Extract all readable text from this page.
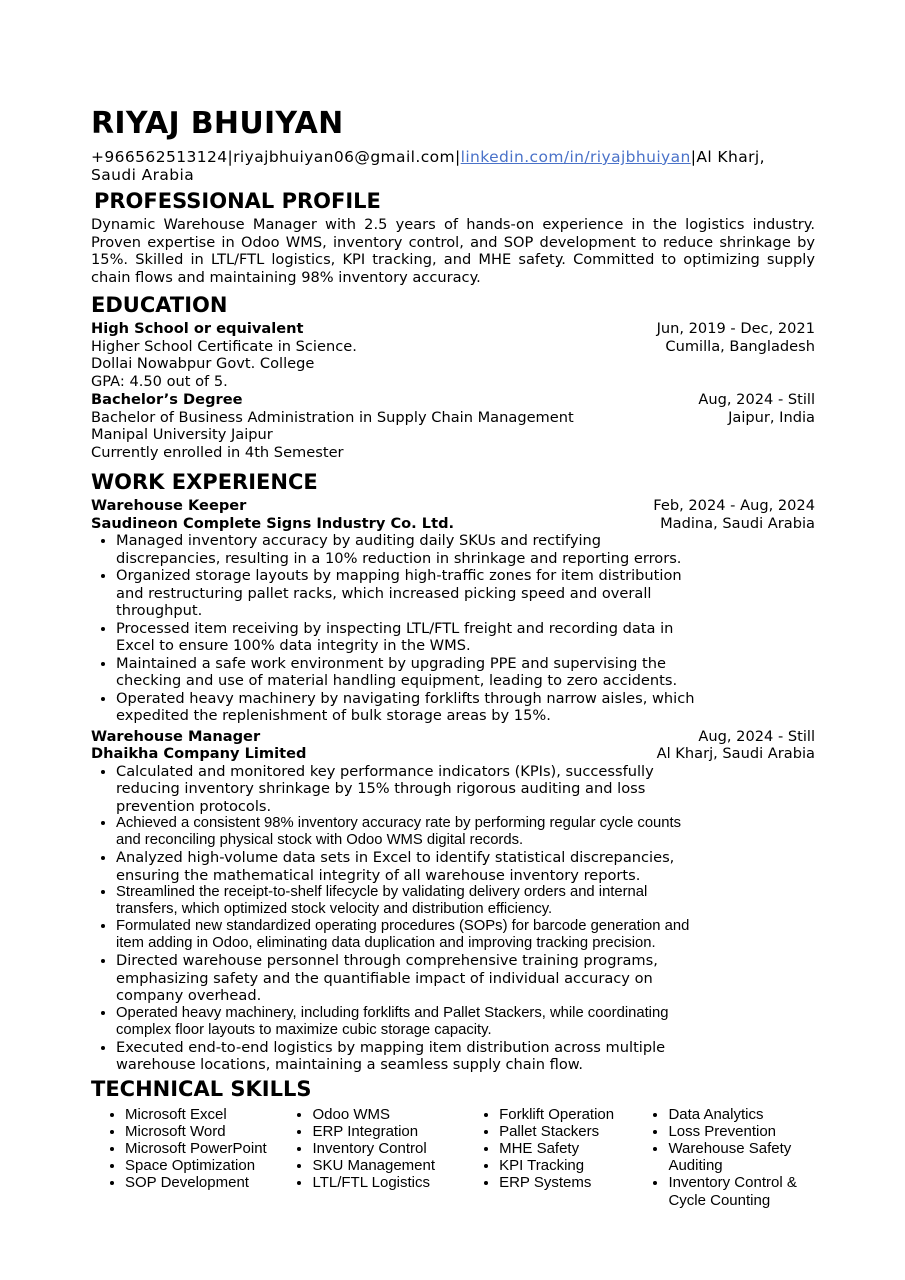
RIYAJ BHUIYAN
+966562513124|riyajbhuiyan06@gmail.com|linkedin.com/in/riyajbhuiyan|Al Kharj, Saudi Arabia
PROFESSIONAL PROFILE

Dynamic Warehouse Manager with 2.5 years of hands-on experience in the logistics industry. Proven expertise in Odoo WMS, inventory control, and SOP development to reduce shrinkage by 15%. Skilled in LTL/FTL logistics, KPI tracking, and MHE safety. Committed to optimizing supply chain flows and maintaining 98% inventory accuracy.

EDUCATION
High School or equivalent	Jun, 2019 - Dec, 2021
Higher School Certificate in Science.	Cumilla, Bangladesh
Dollai Nowabpur Govt. College
GPA: 4.50 out of 5.
Bachelor’s Degree	Aug, 2024 - Still
Bachelor of Business Administration in Supply Chain Management	Jaipur, India
Manipal University Jaipur
Currently enrolled in 4th Semester
WORK EXPERIENCE
Warehouse Keeper	Feb, 2024 - Aug, 2024
Saudineon Complete Signs Industry Co. Ltd.	Madina, Saudi Arabia
• Managed inventory accuracy by auditing daily SKUs and rectifying discrepancies, resulting in a 10% reduction in shrinkage and reporting errors.
• Organized storage layouts by mapping high-traffic zones for item distribution and restructuring pallet racks, which increased picking speed and overall throughput.
• Processed item receiving by inspecting LTL/FTL freight and recording data in Excel to ensure 100% data integrity in the WMS.
• Maintained a safe work environment by upgrading PPE and supervising the checking and use of material handling equipment, leading to zero accidents.
• Operated heavy machinery by navigating forklifts through narrow aisles, which expedited the replenishment of bulk storage areas by 15%.
Warehouse Manager	Aug, 2024 - Still
Dhaikha Company Limited	Al Kharj, Saudi Arabia
• Calculated and monitored key performance indicators (KPIs), successfully reducing inventory shrinkage by 15% through rigorous auditing and loss prevention protocols.
• Achieved a consistent 98% inventory accuracy rate by performing regular cycle counts and reconciling physical stock with Odoo WMS digital records.
• Analyzed high-volume data sets in Excel to identify statistical discrepancies, ensuring the mathematical integrity of all warehouse inventory reports.
• Streamlined the receipt-to-shelf lifecycle by validating delivery orders and internal transfers, which optimized stock velocity and distribution efficiency.
• Formulated new standardized operating procedures (SOPs) for barcode generation and item adding in Odoo, eliminating data duplication and improving tracking precision.
• Directed warehouse personnel through comprehensive training programs, emphasizing safety and the quantifiable impact of individual accuracy on company overhead.
• Operated heavy machinery, including forklifts and Pallet Stackers, while coordinating complex floor layouts to maximize cubic storage capacity.
• Executed end-to-end logistics by mapping item distribution across multiple warehouse locations, maintaining a seamless supply chain flow.
TECHNICAL SKILLS
• Microsoft Excel
• Microsoft Word
• Microsoft PowerPoint
• Space Optimization
• SOP Development
• Odoo WMS
• ERP Integration
• Inventory Control
• SKU Management
• LTL/FTL Logistics
• Forklift Operation
• Pallet Stackers
• MHE Safety
• KPI Tracking
• ERP Systems
• Data Analytics
• Loss Prevention
• Warehouse Safety Auditing
• Inventory Control & Cycle Counting
